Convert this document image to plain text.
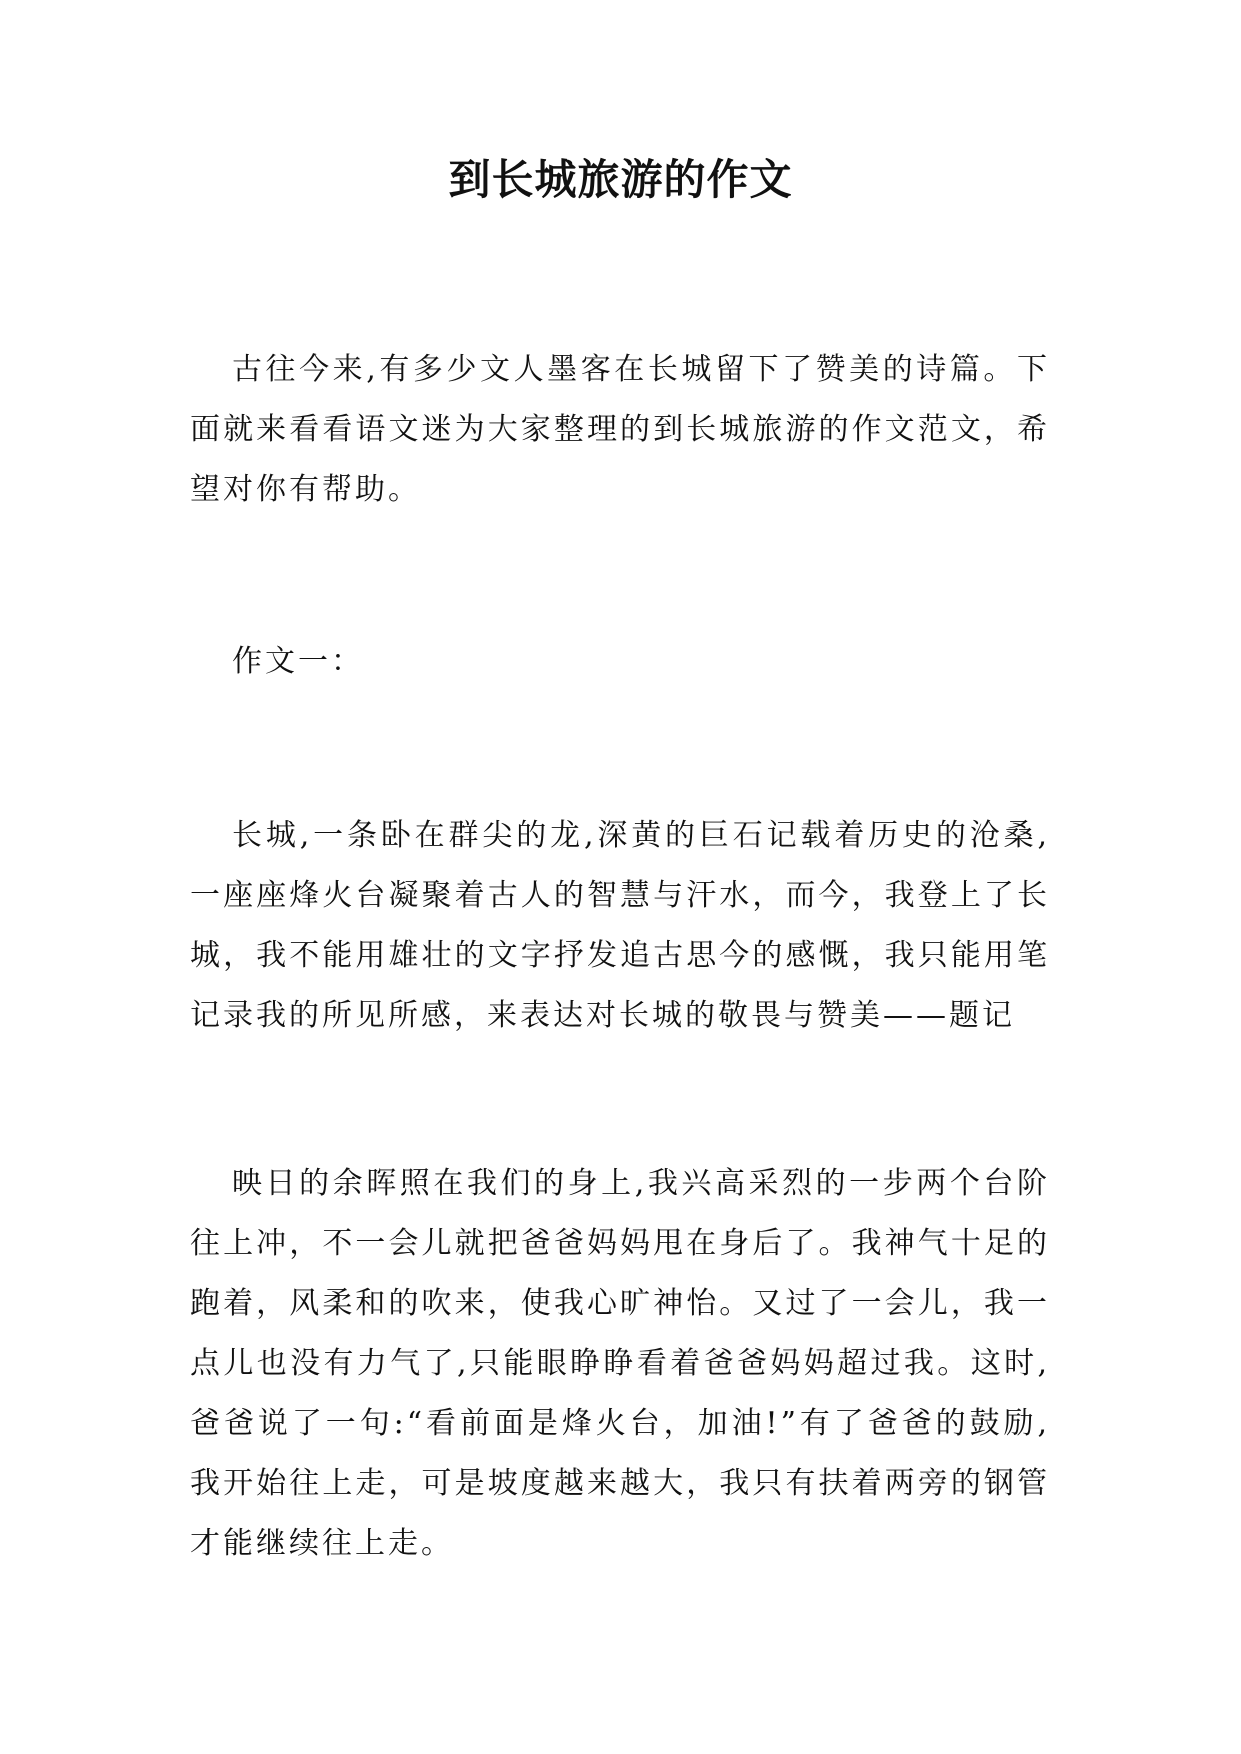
到长城旅游的作文

古往今来,有多少文人墨客在长城留下了赞美的诗篇。下面就来看看语文迷为大家整理的到长城旅游的作文范文，希望对你有帮助。

作文一：

长城,一条卧在群尖的龙,深黄的巨石记载着历史的沧桑,一座座烽火台凝聚着古人的智慧与汗水，而今，我登上了长城，我不能用雄壮的文字抒发追古思今的感慨，我只能用笔记录我的所见所感，来表达对长城的敬畏与赞美——题记

映日的余晖照在我们的身上,我兴高采烈的一步两个台阶往上冲，不一会儿就把爸爸妈妈甩在身后了。我神气十足的跑着，风柔和的吹来，使我心旷神怡。又过了一会儿，我一点儿也没有力气了,只能眼睁睁看着爸爸妈妈超过我。这时,爸爸说了一句:“看前面是烽火台，加油!”有了爸爸的鼓励,我开始往上走，可是坡度越来越大，我只有扶着两旁的钢管才能继续往上走。
